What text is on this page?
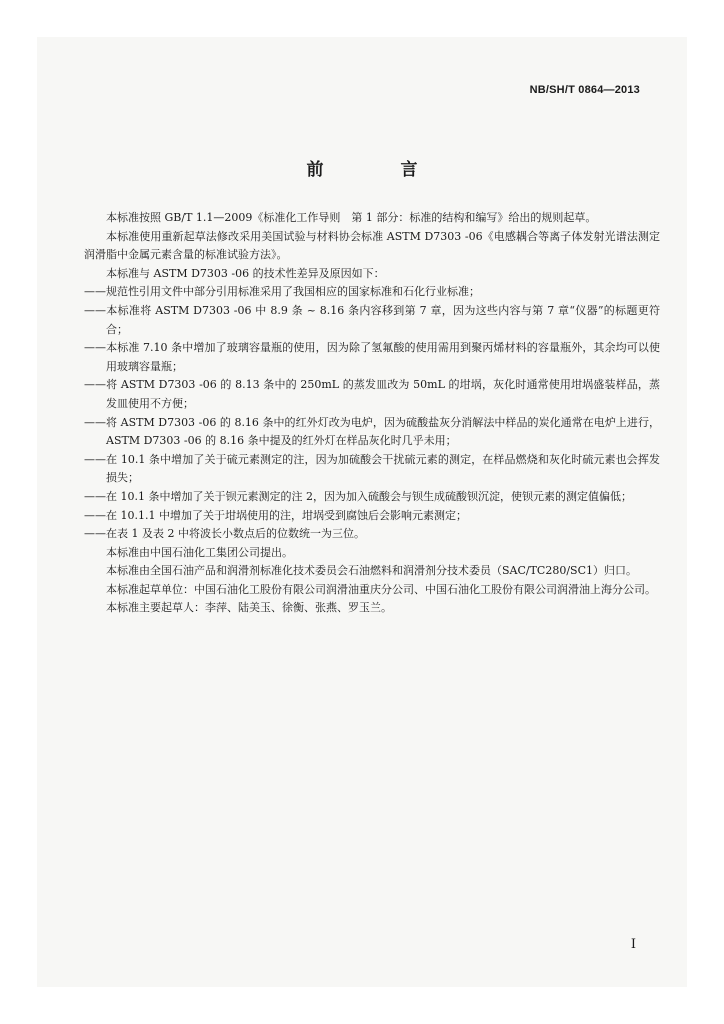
NB/SH/T 0864—2013
前　言

本标准按照 GB/T 1.1—2009《标准化工作导则　第 1 部分：标准的结构和编写》给出的规则起草。

本标准使用重新起草法修改采用美国试验与材料协会标准 ASTM D7303 -06《电感耦合等离子体发射光谱法测定润滑脂中金属元素含量的标准试验方法》。

本标准与 ASTM D7303 -06 的技术性差异及原因如下：

——规范性引用文件中部分引用标准采用了我国相应的国家标准和石化行业标准；

——本标准将 ASTM D7303 -06 中 8.9 条 ~ 8.16 条内容移到第 7 章，因为这些内容与第 7 章“仪器”的标题更符合；

——本标准 7.10 条中增加了玻璃容量瓶的使用，因为除了氢氟酸的使用需用到聚丙烯材料的容量瓶外，其余均可以使用玻璃容量瓶；

——将 ASTM D7303 -06 的 8.13 条中的 250mL 的蒸发皿改为 50mL 的坩埚，灰化时通常使用坩埚盛装样品，蒸发皿使用不方便；

——将 ASTM D7303 -06 的 8.16 条中的红外灯改为电炉，因为硫酸盐灰分消解法中样品的炭化通常在电炉上进行，ASTM D7303 -06 的 8.16 条中提及的红外灯在样品灰化时几乎未用；

——在 10.1 条中增加了关于硫元素测定的注，因为加硫酸会干扰硫元素的测定，在样品燃烧和灰化时硫元素也会挥发损失；

——在 10.1 条中增加了关于钡元素测定的注 2，因为加入硫酸会与钡生成硫酸钡沉淀，使钡元素的测定值偏低；

——在 10.1.1 中增加了关于坩埚使用的注，坩埚受到腐蚀后会影响元素测定；

——在表 1 及表 2 中将波长小数点后的位数统一为三位。

本标准由中国石油化工集团公司提出。

本标准由全国石油产品和润滑剂标准化技术委员会石油燃料和润滑剂分技术委员（SAC/TC280/SC1）归口。

本标准起草单位：中国石油化工股份有限公司润滑油重庆分公司、中国石油化工股份有限公司润滑油上海分公司。

本标准主要起草人：李萍、陆美玉、徐衡、张燕、罗玉兰。

I
